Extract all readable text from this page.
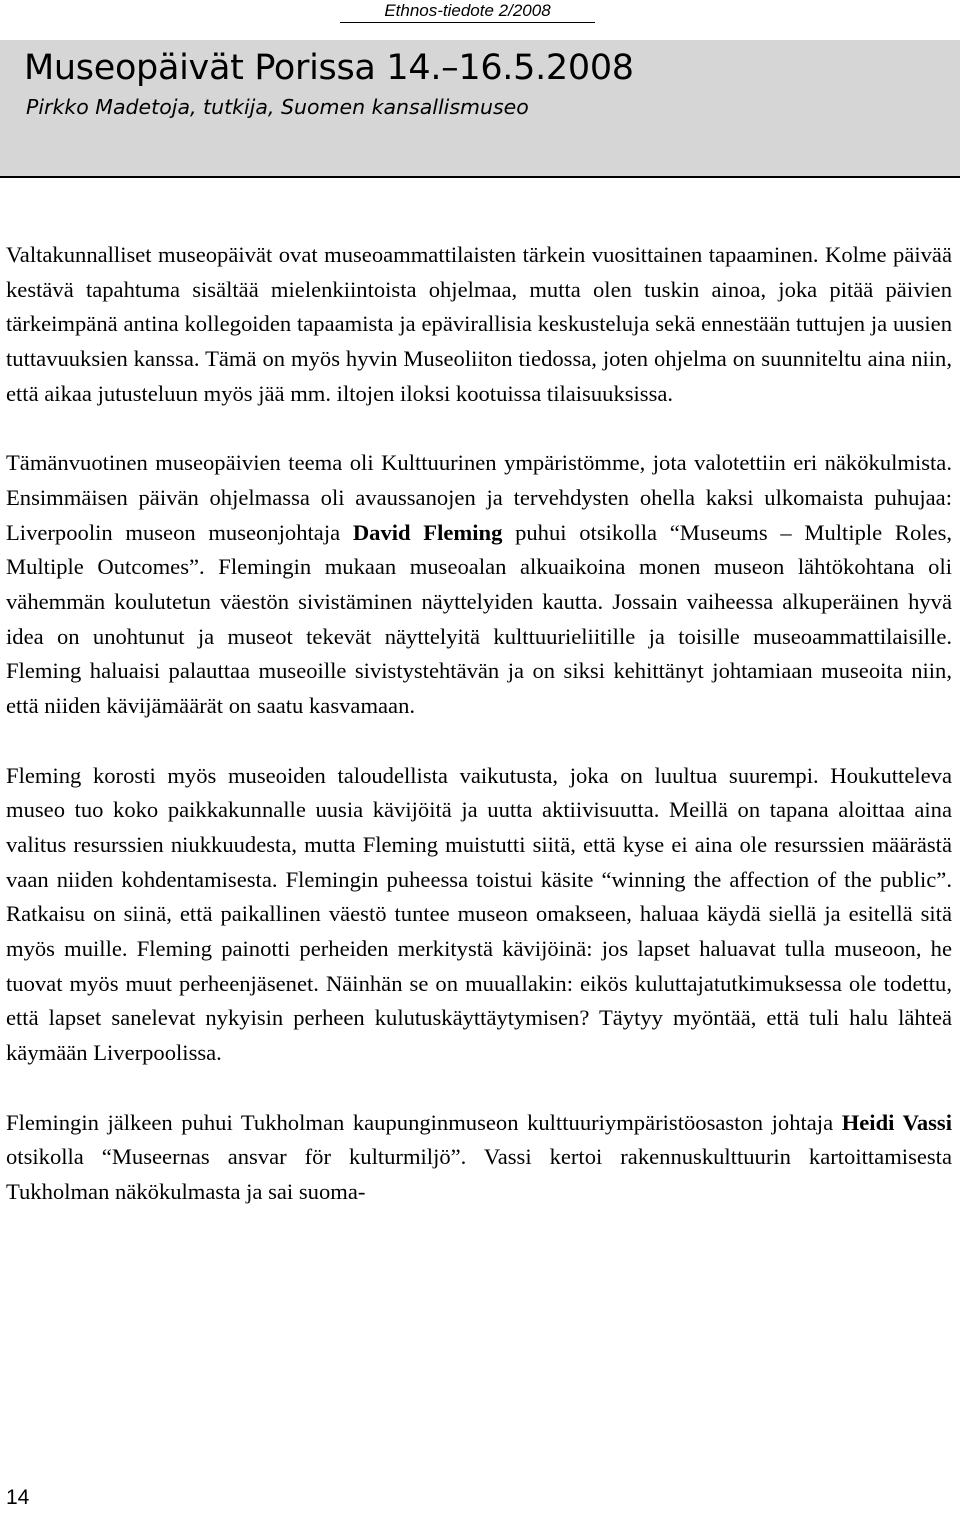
Ethnos-tiedote 2/2008
Museopäivät Porissa 14.–16.5.2008
Pirkko Madetoja, tutkija, Suomen kansallismuseo

Valtakunnalliset museopäivät ovat museoammattilaisten tärkein vuosittainen tapaaminen. Kolme päivää kestävä tapahtuma sisältää mielenkiintoista ohjelmaa, mutta olen tuskin ainoa, joka pitää päivien tärkeimpänä antina kollegoiden tapaamista ja epävirallisia keskusteluja sekä ennestään tuttujen ja uusien tuttavuuksien kanssa. Tämä on myös hyvin Museoliiton tiedossa, joten ohjelma on suunniteltu aina niin, että aikaa jutusteluun myös jää mm. iltojen iloksi kootuissa tilaisuuksissa.

Tämänvuotinen museopäivien teema oli Kulttuurinen ympäristömme, jota valotettiin eri näkökulmista. Ensimmäisen päivän ohjelmassa oli avaussanojen ja tervehdysten ohella kaksi ulkomaista puhujaa: Liverpoolin museon museonjohtaja David Fleming puhui otsikolla “Museums – Multiple Roles, Multiple Outcomes”. Flemingin mukaan museoalan alkuaikoina monen museon lähtökohtana oli vähemmän koulutetun väestön sivistäminen näyttelyiden kautta. Jossain vaiheessa alkuperäinen hyvä idea on unohtunut ja museot tekevät näyttelyitä kulttuurieliitille ja toisille museoammattilaisille. Fleming haluaisi palauttaa museoille sivistystehtävän ja on siksi kehittänyt johtamiaan museoita niin, että niiden kävijämäärät on saatu kasvamaan.

Fleming korosti myös museoiden taloudellista vaikutusta, joka on luultua suurempi. Houkutteleva museo tuo koko paikkakunnalle uusia kävijöitä ja uutta aktiivisuutta. Meillä on tapana aloittaa aina valitus resurssien niukkuudesta, mutta Fleming muistutti siitä, että kyse ei aina ole resurssien määrästä vaan niiden kohdentamisesta. Flemingin puheessa toistui käsite “winning the affection of the public”. Ratkaisu on siinä, että paikallinen väestö tuntee museon omakseen, haluaa käydä siellä ja esitellä sitä myös muille. Fleming painotti perheiden merkitystä kävijöinä: jos lapset haluavat tulla museoon, he tuovat myös muut perheenjäsenet. Näinhän se on muuallakin: eikös kuluttajatutkimuksessa ole todettu, että lapset sanelevat nykyisin perheen kulutuskäyttäytymisen? Täytyy myöntää, että tuli halu lähteä käymään Liverpoolissa.

Flemingin jälkeen puhui Tukholman kaupunginmuseon kulttuuriympäristöosaston johtaja Heidi Vassi otsikolla “Museernas ansvar för kulturmiljö”. Vassi kertoi rakennuskulttuurin kartoittamisesta Tukholman näkökulmasta ja sai suoma-

14
